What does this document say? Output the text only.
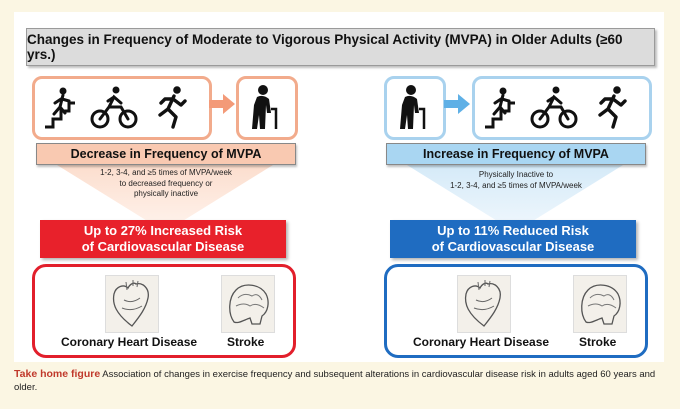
Changes in Frequency of Moderate to Vigorous Physical Activity (MVPA) in Older Adults (≥60 yrs.)
Decrease in Frequency of MVPA	Increase in Frequency of MVPA
1-2, 3-4, and ≥5 times of MVPA/week
to decreased frequency or
physically inactive
Physically Inactive to
1-2, 3-4, and ≥5 times of MVPA/week
Up to 27% Increased Risk
of Cardiovascular Disease
Up to 11% Reduced Risk
of Cardiovascular Disease
Coronary Heart Disease Stroke	Coronary Heart Disease Stroke
Take home figure Association of changes in exercise frequency and subsequent alterations in cardiovascular disease risk in adults aged 60 years and older.
